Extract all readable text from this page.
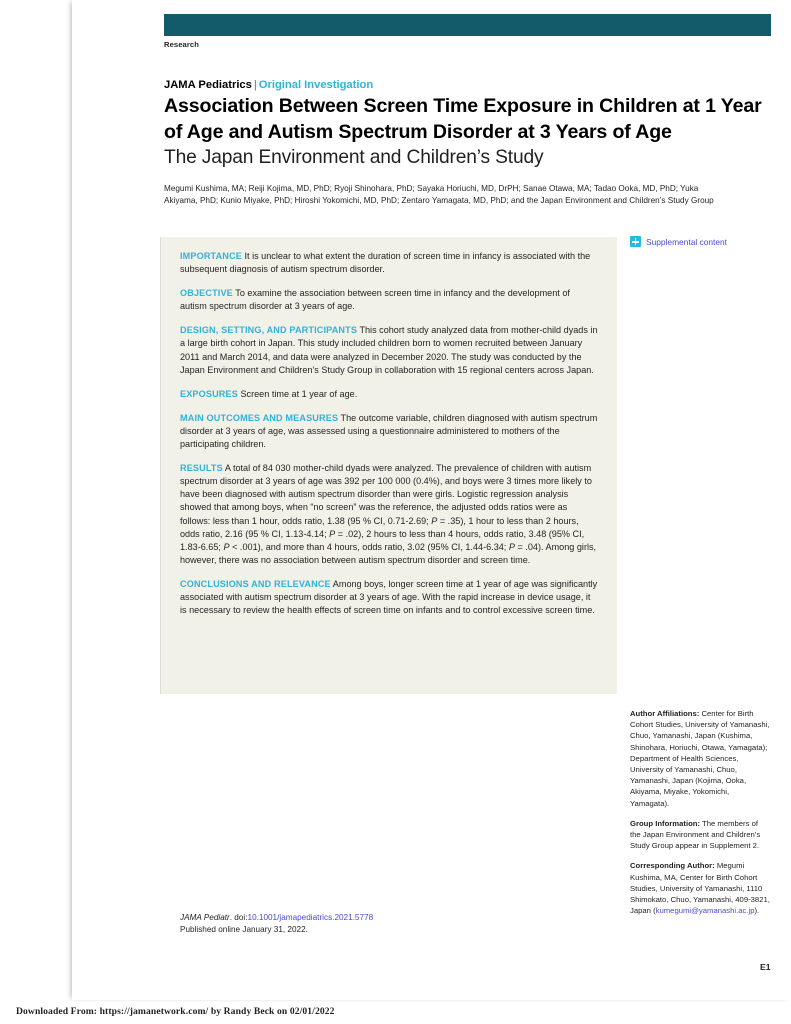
Research
JAMA Pediatrics | Original Investigation
Association Between Screen Time Exposure in Children at 1 Year of Age and Autism Spectrum Disorder at 3 Years of Age
The Japan Environment and Children’s Study
Megumi Kushima, MA; Reiji Kojima, MD, PhD; Ryoji Shinohara, PhD; Sayaka Horiuchi, MD, DrPH; Sanae Otawa, MA; Tadao Ooka, MD, PhD; Yuka Akiyama, PhD; Kunio Miyake, PhD; Hiroshi Yokomichi, MD, PhD; Zentaro Yamagata, MD, PhD; and the Japan Environment and Children’s Study Group
Supplemental content
IMPORTANCE It is unclear to what extent the duration of screen time in infancy is associated with the subsequent diagnosis of autism spectrum disorder.
OBJECTIVE To examine the association between screen time in infancy and the development of autism spectrum disorder at 3 years of age.
DESIGN, SETTING, AND PARTICIPANTS This cohort study analyzed data from mother-child dyads in a large birth cohort in Japan. This study included children born to women recruited between January 2011 and March 2014, and data were analyzed in December 2020. The study was conducted by the Japan Environment and Children’s Study Group in collaboration with 15 regional centers across Japan.
EXPOSURES Screen time at 1 year of age.
MAIN OUTCOMES AND MEASURES The outcome variable, children diagnosed with autism spectrum disorder at 3 years of age, was assessed using a questionnaire administered to mothers of the participating children.
RESULTS A total of 84 030 mother-child dyads were analyzed. The prevalence of children with autism spectrum disorder at 3 years of age was 392 per 100 000 (0.4%), and boys were 3 times more likely to have been diagnosed with autism spectrum disorder than were girls. Logistic regression analysis showed that among boys, when “no screen” was the reference, the adjusted odds ratios were as follows: less than 1 hour, odds ratio, 1.38 (95 % CI, 0.71-2.69; P = .35), 1 hour to less than 2 hours, odds ratio, 2.16 (95 % CI, 1.13-4.14; P = .02), 2 hours to less than 4 hours, odds ratio, 3.48 (95% CI, 1.83-6.65; P < .001), and more than 4 hours, odds ratio, 3.02 (95% CI, 1.44-6.34; P = .04). Among girls, however, there was no association between autism spectrum disorder and screen time.
CONCLUSIONS AND RELEVANCE Among boys, longer screen time at 1 year of age was significantly associated with autism spectrum disorder at 3 years of age. With the rapid increase in device usage, it is necessary to review the health effects of screen time on infants and to control excessive screen time.
Author Affiliations: Center for Birth Cohort Studies, University of Yamanashi, Chuo, Yamanashi, Japan (Kushima, Shinohara, Horiuchi, Otawa, Yamagata); Department of Health Sciences, University of Yamanashi, Chuo, Yamanashi, Japan (Kojima, Ooka, Akiyama, Miyake, Yokomichi, Yamagata).
Group Information: The members of the Japan Environment and Children’s Study Group appear in Supplement 2.
Corresponding Author: Megumi Kushima, MA, Center for Birth Cohort Studies, University of Yamanashi, 1110 Shimokato, Chuo, Yamanashi, 409-3821, Japan (kumegumi@yamanashi.ac.jp).
JAMA Pediatr. doi:10.1001/jamapediatrics.2021.5778
Published online January 31, 2022.
E1
Downloaded From: https://jamanetwork.com/ by Randy Beck on 02/01/2022
